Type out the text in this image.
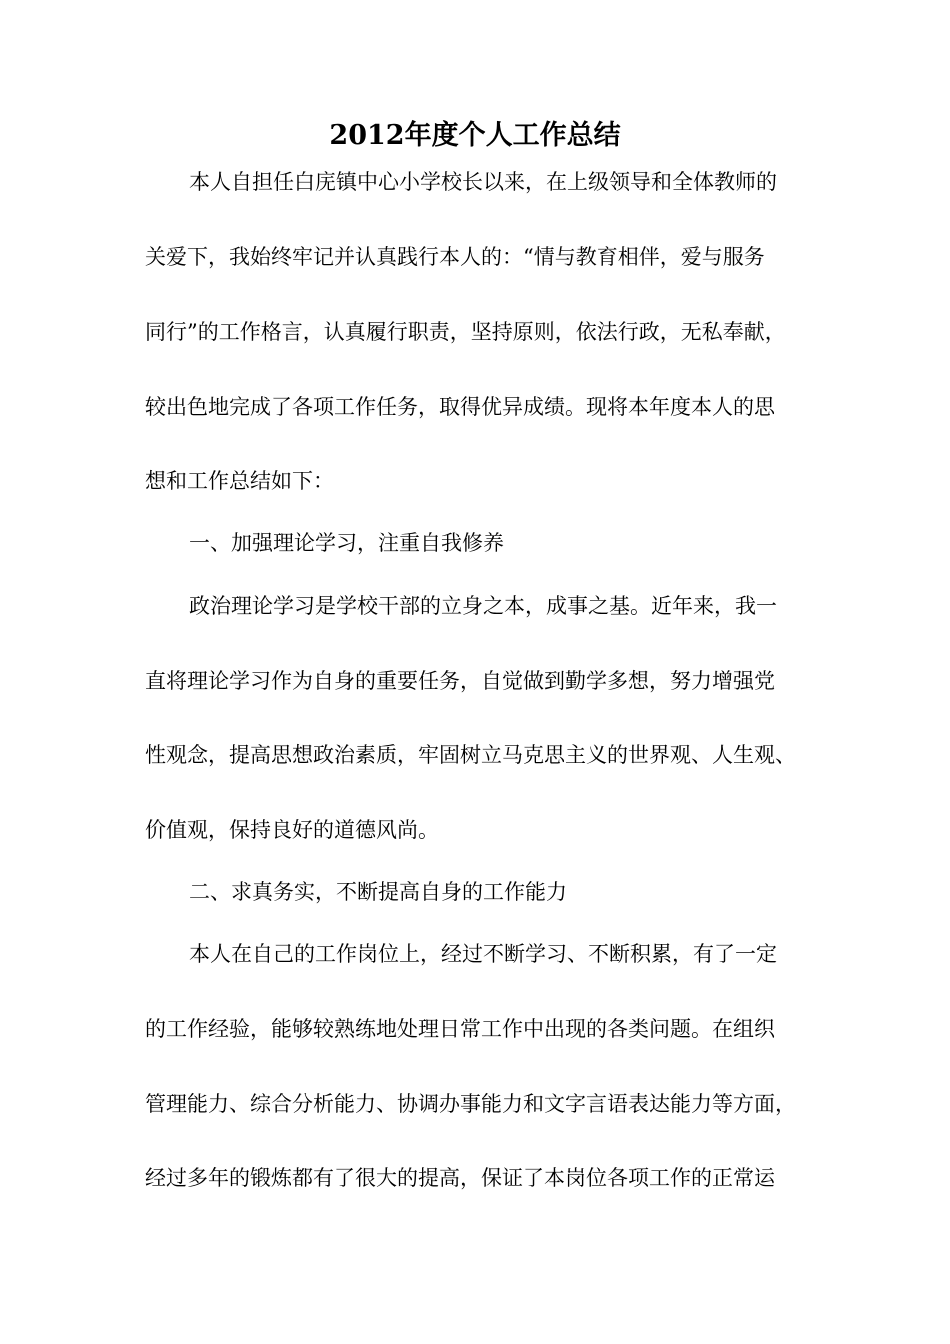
2012年度个人工作总结
本人自担任白庑镇中心小学校长以来，在上级领导和全体教师的
关爱下，我始终牢记并认真践行本人的：“情与教育相伴，爱与服务
同行”的工作格言，认真履行职责，坚持原则，依法行政，无私奉献，
较出色地完成了各项工作任务，取得优异成绩。现将本年度本人的思
想和工作总结如下：
一、加强理论学习，注重自我修养
政治理论学习是学校干部的立身之本，成事之基。近年来，我一
直将理论学习作为自身的重要任务，自觉做到勤学多想，努力增强党
性观念，提高思想政治素质，牢固树立马克思主义的世界观、人生观、
价值观，保持良好的道德风尚。
二、求真务实，不断提高自身的工作能力
本人在自己的工作岗位上，经过不断学习、不断积累，有了一定
的工作经验，能够较熟练地处理日常工作中出现的各类问题。在组织
管理能力、综合分析能力、协调办事能力和文字言语表达能力等方面，
经过多年的锻炼都有了很大的提高，保证了本岗位各项工作的正常运
